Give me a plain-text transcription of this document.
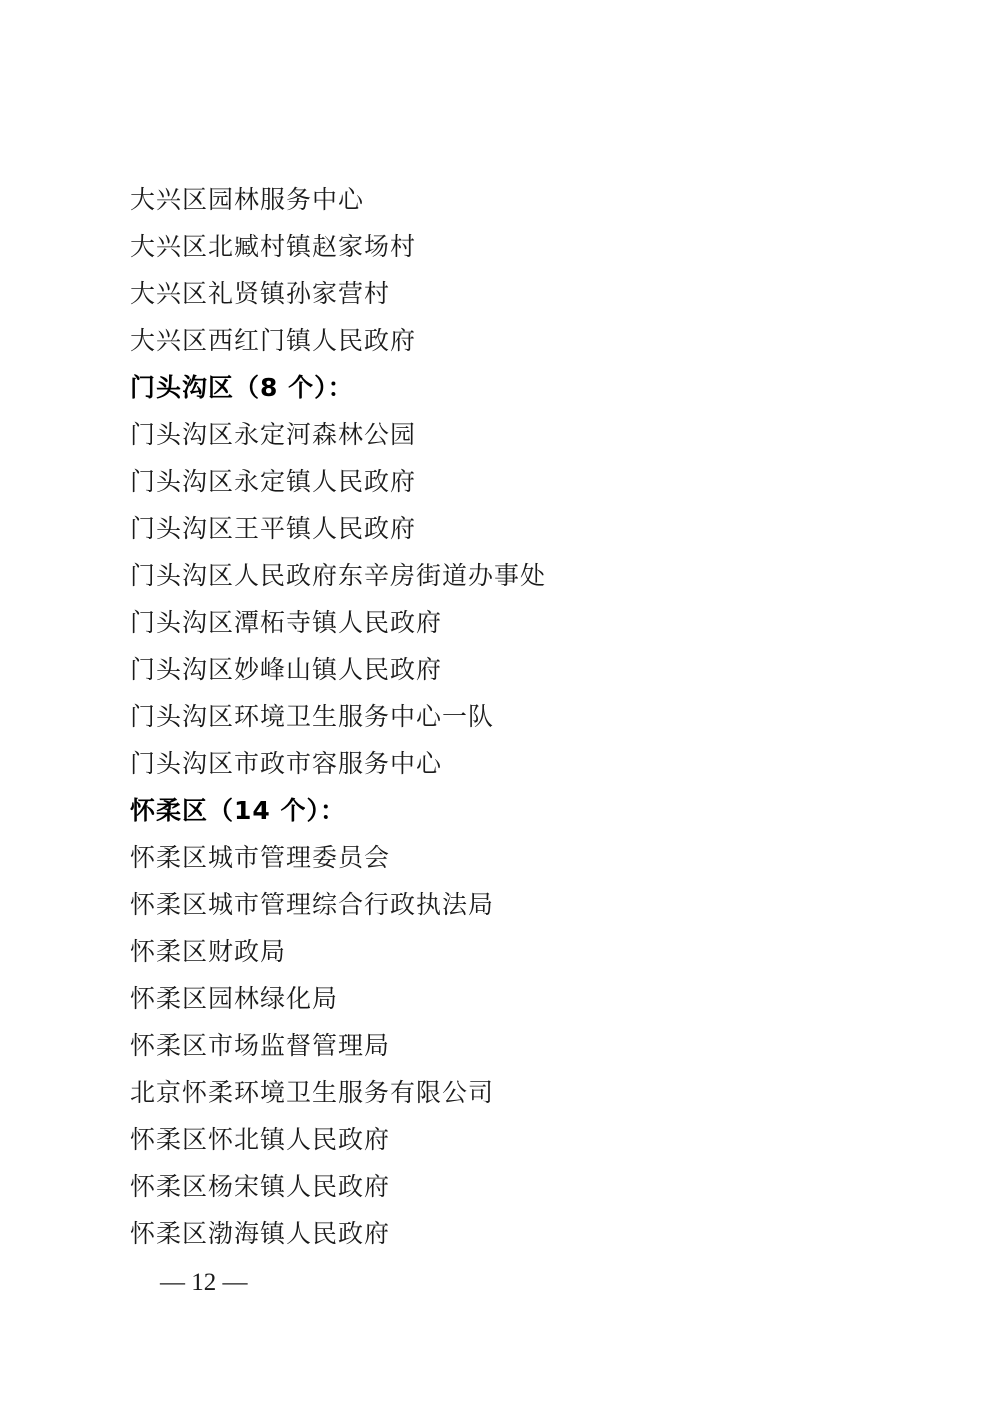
大兴区园林服务中心
大兴区北臧村镇赵家场村
大兴区礼贤镇孙家营村
大兴区西红门镇人民政府
门头沟区（8 个）：
门头沟区永定河森林公园
门头沟区永定镇人民政府
门头沟区王平镇人民政府
门头沟区人民政府东辛房街道办事处
门头沟区潭柘寺镇人民政府
门头沟区妙峰山镇人民政府
门头沟区环境卫生服务中心一队
门头沟区市政市容服务中心
怀柔区（14 个）：
怀柔区城市管理委员会
怀柔区城市管理综合行政执法局
怀柔区财政局
怀柔区园林绿化局
怀柔区市场监督管理局
北京怀柔环境卫生服务有限公司
怀柔区怀北镇人民政府
怀柔区杨宋镇人民政府
怀柔区渤海镇人民政府
— 12 —
